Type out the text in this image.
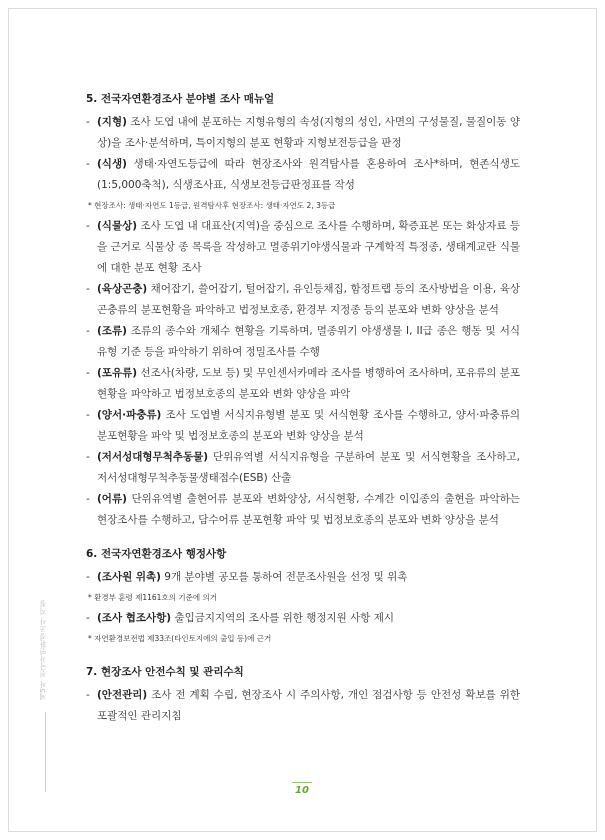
제5차 전국자연환경조사 지침
5. 전국자연환경조사 분야별 조사 매뉴얼
- (지형) 조사 도엽 내에 분포하는 지형유형의 속성(지형의 성인, 사면의 구성물질, 물질이동 양상)을 조사·분석하며, 특이지형의 분포 현황과 지형보전등급을 판정
- (식생) 생태·자연도등급에 따라 현장조사와 원격탐사를 혼용하여 조사*하며, 현존식생도(1:5,000축척), 식생조사표, 식생보전등급판정표를 작성
* 현장조사: 생태·자연도 1등급, 원격탐사후 현장조사: 생태·자연도 2, 3등급
- (식물상) 조사 도엽 내 대표산(지역)을 중심으로 조사를 수행하며, 확증표본 또는 화상자료 등을 근거로 식물상 종 목록을 작성하고 멸종위기야생식물과 구계학적 특정종, 생태계교란 식물에 대한 분포 현황 조사
- (육상곤충) 채어잡기, 쓸어잡기, 털어잡기, 유인등채집, 함정트랩 등의 조사방법을 이용, 육상곤충류의 분포현황을 파악하고 법정보호종, 환경부 지정종 등의 분포와 변화 양상을 분석
- (조류) 조류의 종수와 개체수 현황을 기록하며, 멸종위기 야생생물 I, II급 종은 행동 및 서식유형 기준 등을 파악하기 위하여 정밀조사를 수행
- (포유류) 선조사(차량, 도보 등) 및 무인센서카메라 조사를 병행하여 조사하며, 포유류의 분포현황을 파악하고 법정보호종의 분포와 변화 양상을 파악
- (양서·파충류) 조사 도엽별 서식지유형별 분포 및 서식현황 조사를 수행하고, 양서·파충류의 분포현황을 파악 및 법정보호종의 분포와 변화 양상을 분석
- (저서성대형무척추동물) 단위유역별 서식지유형을 구분하여 분포 및 서식현황을 조사하고, 저서성대형무척추동물생태점수(ESB) 산출
- (어류) 단위유역별 출현어류 분포와 변화양상, 서식현황, 수계간 이입종의 출현을 파악하는 현장조사를 수행하고, 담수어류 분포현황 파악 및 법정보호종의 분포와 변화 양상을 분석
6. 전국자연환경조사 행정사항
- (조사원 위촉) 9개 분야별 공모를 통하여 전문조사원을 선정 및 위촉
* 환경부 훈령 제1161호의 기준에 의거
- (조사 협조사항) 출입금지지역의 조사를 위한 행정지원 사항 제시
* 자연환경보전법 제33조(타인토지에의 출입 등)에 근거
7. 현장조사 안전수칙 및 관리수칙
- (안전관리) 조사 전 계획 수립, 현장조사 시 주의사항, 개인 점검사항 등 안전성 확보를 위한 포괄적인 관리지침
10
